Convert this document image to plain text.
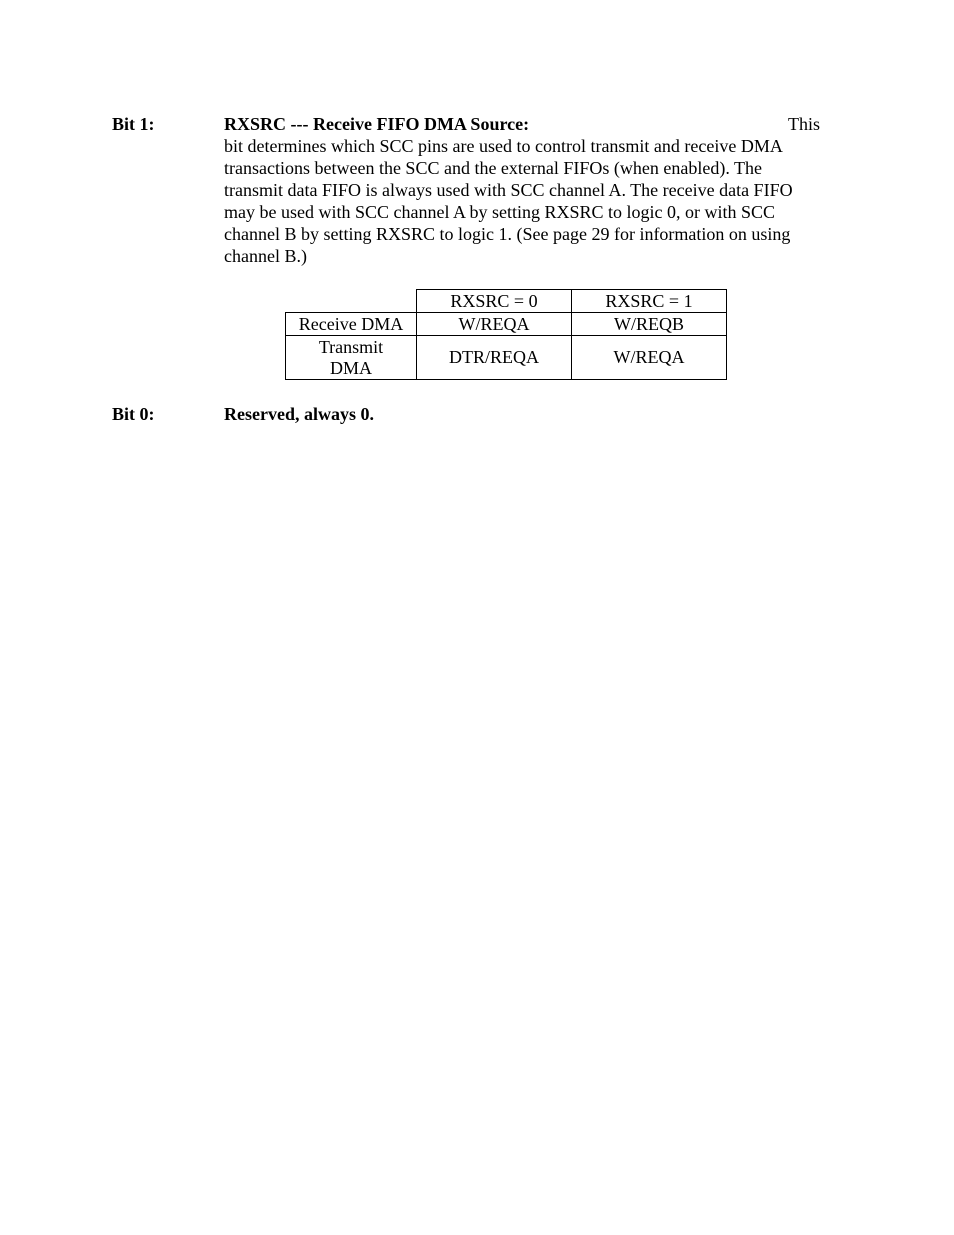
Bit 1:	RXSRC --- Receive FIFO DMA Source:	This
bit determines which SCC pins are used to control transmit and receive DMA
transactions between the SCC and the external FIFOs (when enabled). The
transmit data FIFO is always used with SCC channel A. The receive data FIFO
may be used with SCC channel A by setting RXSRC to logic 0, or with SCC
channel B by setting RXSRC to logic 1. (See page 29 for information on using
channel B.)
	RXSRC = 0	RXSRC = 1
Receive DMA	W/REQA	W/REQB
Transmit
DMA	DTR/REQA	W/REQA
Bit 0:	Reserved, always 0.
